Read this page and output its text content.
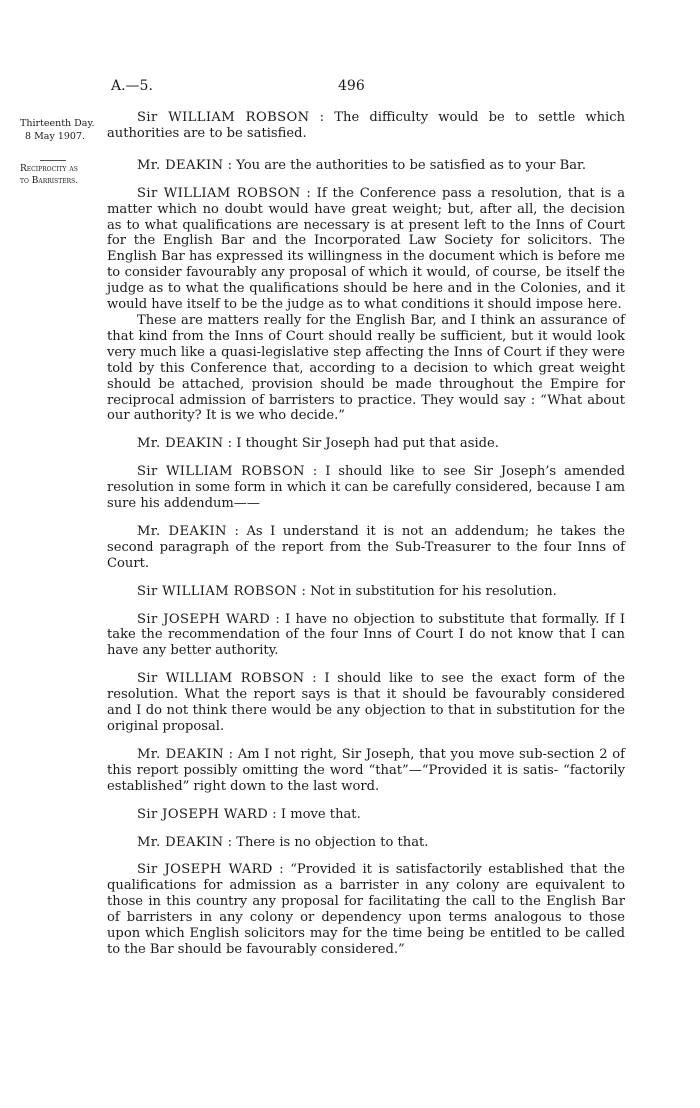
A.—5.	496
Thirteenth Day.
8 May 1907.
Reciprocity as
to Barristers.

Sir WILLIAM ROBSON : The difficulty would be to settle which authorities are to be satisfied.

Mr. DEAKIN : You are the authorities to be satisfied as to your Bar.

Sir WILLIAM ROBSON : If the Conference pass a resolution, that is a matter which no doubt would have great weight; but, after all, the decision as to what qualifications are necessary is at present left to the Inns of Court for the English Bar and the Incorporated Law Society for solicitors. The English Bar has expressed its willingness in the document which is before me to consider favourably any proposal of which it would, of course, be itself the judge as to what the qualifications should be here and in the Colonies, and it would have itself to be the judge as to what conditions it should impose here.

These are matters really for the English Bar, and I think an assurance of that kind from the Inns of Court should really be sufficient, but it would look very much like a quasi-legislative step affecting the Inns of Court if they were told by this Conference that, according to a decision to which great weight should be attached, provision should be made throughout the Empire for reciprocal admission of barristers to practice. They would say : “What about our authority? It is we who decide.”

Mr. DEAKIN : I thought Sir Joseph had put that aside.

Sir WILLIAM ROBSON : I should like to see Sir Joseph’s amended resolution in some form in which it can be carefully considered, because I am sure his addendum——

Mr. DEAKIN : As I understand it is not an addendum; he takes the second paragraph of the report from the Sub-Treasurer to the four Inns of Court.

Sir WILLIAM ROBSON : Not in substitution for his resolution.

Sir JOSEPH WARD : I have no objection to substitute that formally. If I take the recommendation of the four Inns of Court I do not know that I can have any better authority.

Sir WILLIAM ROBSON : I should like to see the exact form of the resolution. What the report says is that it should be favourably considered and I do not think there would be any objection to that in substitution for the original proposal.

Mr. DEAKIN : Am I not right, Sir Joseph, that you move sub-section 2 of this report possibly omitting the word “that”—“Provided it is satis- “factorily established” right down to the last word.

Sir JOSEPH WARD : I move that.

Mr. DEAKIN : There is no objection to that.

Sir JOSEPH WARD : “Provided it is satisfactorily established that the qualifications for admission as a barrister in any colony are equivalent to those in this country any proposal for facilitating the call to the English Bar of barristers in any colony or dependency upon terms analogous to those upon which English solicitors may for the time being be entitled to be called to the Bar should be favourably considered.”
